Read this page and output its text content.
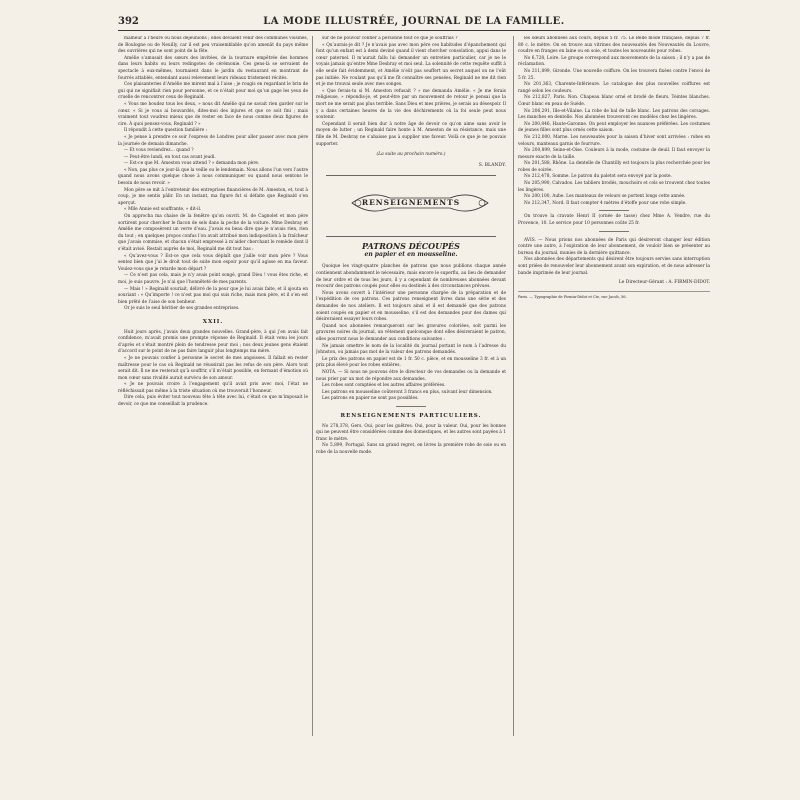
392	LA MODE ILLUSTRÉE, JOURNAL DE LA FAMILLE.

malheur à l’heure où nous déjeunions ; elles devaient venir des communes voisines, de Boulogne ou de Neuilly, car il est peu vraisemblable qu’on amenât du pays même des ouvrières qui ne sont point de la fête.

Amélie s’amusait des sœurs des invitées, de la tournure empêtrée des hommes dans leurs habits ou leurs redingotes de cérémonie. Ces gens-là se servaient de spectacle à eux-mêmes, tournaient dans le jardin du restaurant en montrant de fourrés attablés, entendant aussi relevement leurs rideaux tristement récités.

Ces plaisanteries d’Amélie me mirent mal à l’aise ; je rougis en regardant le brin de gui qui ne signifiait rien pour personne, et ce n’était pour moi qu’un gage les yeux de cruelle de rencontrer ceux de Reginald.

« Vous me boudez tous les deux, » nous dit Amélie qui ne savait rien garder sur le cœur. « Si je vous ai bouvardés, dites-moi des injures et que ce soit fini ; mais vraiment tout voudrez mieux que de rester en face de nous comme deux figures de cire. À quoi pensez-vous, Reginald ? »

Il répondit à cette question familière :

« Je pense à prendre ce soir l’express de Londres pour aller passer avec mon père la journée de demain dimanche.

— Et vous reviendrez… quand ?

— Peut-être lundi, en tout cas avant jeudi.

— Est-ce que M. Ameston vous attend ? » demanda mon père.

« Non, pas plus ce jour-là que la veille ou le lendemain. Nous allons l’un vers l’autre quand nous avons quelque chose à nous communiquer ou quand nous sentons le besoin de nous revoir. »

Mon père se mit à l’entretenir des entreprises financières de M. Ameston, et, tout à coup, je me sentis pâlir. En un instant, ma figure fut si défaite que Reginald s’en aperçut.

« Mlle Annie est souffrante, » dit-il.

On approcha ma chaise de la fenêtre qu’on ouvrit. M. de Cagnolet et mon père sortirent pour chercher le flacon de sels dans la poche de la voiture. Mme Desbray et Amélie me composèrent un verre d’eau. J’avais eu beau dire que je n’avais rien, rien du tout ; en quelques propos confus l’on avait attribué mon indisposition à la fraîcheur que j’avais commise, et chacun s’était empressé à m’aider cherchant le remède dont il s’était avisé. Restait auprès de moi, Reginald me dit tout bas :

« Qu’avez-vous ? Est-ce que cela vous déplaît que j’aille voir mon père ? Vous sentez bien que j’ai le droit tout de suite mon espoir pour qu’il agisse en ma faveur. Voulez-vous que je retarde mon départ ?

— Ce n’est pas cela, mais je n’y avais point songé, grand Dieu ! vous êtes riche, et moi, je suis pauvre. Je n’ai que l’honnêteté de mes parents.

— Mais ! » Reginald souriait, délivré de la peur que je lui avais faite, et il ajouta en souriant : « Qu’importe ! ce n’est pas moi qui suis riche, mais mon père, et il s’en est bien prêté de l’aise de son bonheur.

Or je suis le seul héritier de ses grandes entreprises.

XXII.

Huit jours après, j’avais deux grandes nouvelles. Grand-père, à qui j’en avais fait confidence, m’avait promis une prompte réponse de Reginald. Il était venu les jours d’après et s’était montré plein de tendresse pour moi ; nos deux jeunes gens étaient d’accord sur le point de ne pas faire languir plus longtemps ma mère.

« Je ne pouvais confier à personne le secret de mes angoisses. Il fallait en rester maîtresse pour le cas où Reginald ne réussirait pas les refus de son père. Alors tout serait dit. Il ne me resterait qu’à souffrir, s’il m’était possible, en fermant d’émotion où mon cœur sans rivalité aurait survécu de son amour.

« Je ne pouvais croire à l’engagement qu’il avait pris avec moi, l’état ne réfléchissait pas même à la triste situation où me trouverait l’honneur.

Dire cela, puis éviter tout nouveau tête à tête avec lui, c’était ce que m’imposait le devoir, ce que me conseillait la prudence.

sur de ne pouvoir confier à personne tout ce que je souffrais ?

« Qu’aurais-je dit ? Je n’avais pas avec mon père ces habitudes d’épanchement qui font qu’un enfant est à demi deviné quand il vient chercher consolation, appui dans le cœur paternel. Il m’aurait fallu lui demander un entretien particulier, car je ne le voyais jamais qu’entre Mme Desbray et moi seul. La solennité de cette requête suffit à elle seule fait évidemment, et Amélie n’eût pas souffert un secret auquel on ne l’eût pas initiée. Ne voulant pas qu’il me fît connaître ses pensées, Reginald ne me dit rien et je me trouvai seule avec mes songes.

« Que ferais-tu si M. Ameston refusait ? » me demanda Amélie. « Je me ferais religieuse, » répondis-je, et peut-être par un mouvement de retour je pensai que la mort ne me serait pas plus terrible. Sans Dieu et mes prières, je serais au désespoir. Il y a dans certaines heures de la vie des déchirements où la foi seule peut nous soutenir.

Cependant il serait bien dur à notre âge de devoir ce qu’on aime sans avoir le moyen de lutter ; un Reginald faire honte à M. Ameston de sa résistance, mais une fille de M. Desbray ne s’abaisse pas à supplier une faveur. Voilà ce que je ne pouvais supporter.

(La suite au prochain numéro.)
S. BLANDY.
RENSEIGNEMENTS
PATRONS DÉCOUPÉS
en papier et en mousseline.

Quoique les vingt-quatre planches de patrons que nous publions chaque année contiennent abondamment le nécessaire, mais encore le superflu, au lieu de demander de leur ordre et de tous les jours, il y a cependant de nombreuses abonnées devant recourir des patrons coupés pour elles ou destinés à des circonstances prévues.

Nous avons ouvert à l’intérieur une personne chargée de la préparation et de l’expédition de ces patrons. Ces patrons renseignent livres dans une série et des demandes de nos ateliers. Il est toujours ainsi et il est demandé que des patrons soient coupés en papier et en mousseline, s’il est des demandes pour des dames qui désireraient essayer leurs robes.

Quand nos abonnées remarqueront sur les gravures coloriées, soit parmi les gravures noires du journal, un vêtement quelconque dont elles désireraient le patron, elles pourront nous le demander aux conditions suivantes :

Ne jamais omettre le nom de la localité du journal portant le nom à l’adresse du Johnston, ou jamais pas mot de la valeur des patrons demandés.

Le prix des patrons en papier est de 1 fr. 50 c. pièce, et en mousseline 3 fr. et à un prix plus élevé pour les robes entières.

NOTA. — Si nous ne pouvons étre le directeur de vos demandes ou la demande et nous prier par un mot de répondre aux demandes.

Les robes sont comptées et les autres affaires préférées.

Les patrons en mousseline coûteront 3 francs en plus, suivant leur dimension.

Les patrons en papier ne sont pas possibles.

RENSEIGNEMENTS PARTICULIERS.

No 278,378, Gers. Oui, pour les guêtres. Oui, pour la valeur. Oui, pour les bonnes qui ne peuvent être considérées comme des domestiques, et les autres sont payées à 1 franc le mètre.

No 5,899, Portugal. Sans un grand regret, en livres la première robe de soie ou en robe de la nouvelle mode.

les sœurs abonnées aux cours, depuis 5 fr. 75. Le Belle mode française, depuis 7 fr. 80 c. le mètre. On en trouve aux vitrines des nouveautés des Nouveautés du Louvre, coudre en franges en laine ou en soie, et toutes les nouveautés pour robes.

No 6,728, Loire. Le groupe correspond aux mouvements de la saison ; il n’y a pas de réclamation.

No 211,899, Gironde. Une nouvelle coiffure. On les trouvera fixées contre l’envoi de 5 fr. 25.

No 201,363, Charente-Inférieure. Le catalogue des plus nouvelles coiffures est rangé selon les couleurs.

No 212,827, Paris. Non. Chapeau blanc orné et brodé de fleurs. Teintes blanches. Cœur blanc en peau de Suède.

No 206,291, Ille-et-Vilaine. La robe de bal de tulle blanc. Les patrons des corsages. Les manches en dentelle. Nos abonnées trouveront ces modèles chez les lingères.

No 200,846, Haute-Garonne. On peut employer les nuances préférées. Les costumes de jeunes filles sont plus ornés cette saison.

No 212,000, Marne. Les nouveautés pour la saison d’hiver sont arrivées : robes en velours, manteaux garnis de fourrure.

No 200,899, Seine-et-Oise. Couleurs à la mode, costume de deuil. Il faut envoyer la mesure exacte de la taille.

No 201,588, Rhône. La dentelle de Chantilly est toujours la plus recherchée pour les robes de soirée.

No 212,478, Somme. Le patron du paletot sera envoyé par la poste.

No 205,990, Calvados. Les tabliers brodés, mouchoirs et cols se trouvent chez toutes les lingères.

No 200,100, Aube. Les manteaux de velours se portent longs cette année.

No 212,347, Nord. Il faut compter 4 mètres d’étoffe pour une robe simple.

On trouve la cravate Henri II (ornée de tasse) chez Mme A. Vendre, rue du Provence, 10. Le service pour 10 personnes coûte 25 fr.

AVIS. — Nous prions nos abonnées de Paris qui désireront changer leur édition contre une autre, à l’expiration de leur abonnement, de vouloir bien se présenter au bureau du journal, munies de la dernière quittance.

Nos abonnées des départements qui désirent être toujours servies sans interruption sont priées de renouveler leur abonnement avant son expiration, et de nous adresser la bande imprimée de leur journal.

Le Directeur-Gérant : A. FIRMIN-DIDOT.
Paris. — Typographie de Firmin-Didot et Cie, rue Jacob, 56.
